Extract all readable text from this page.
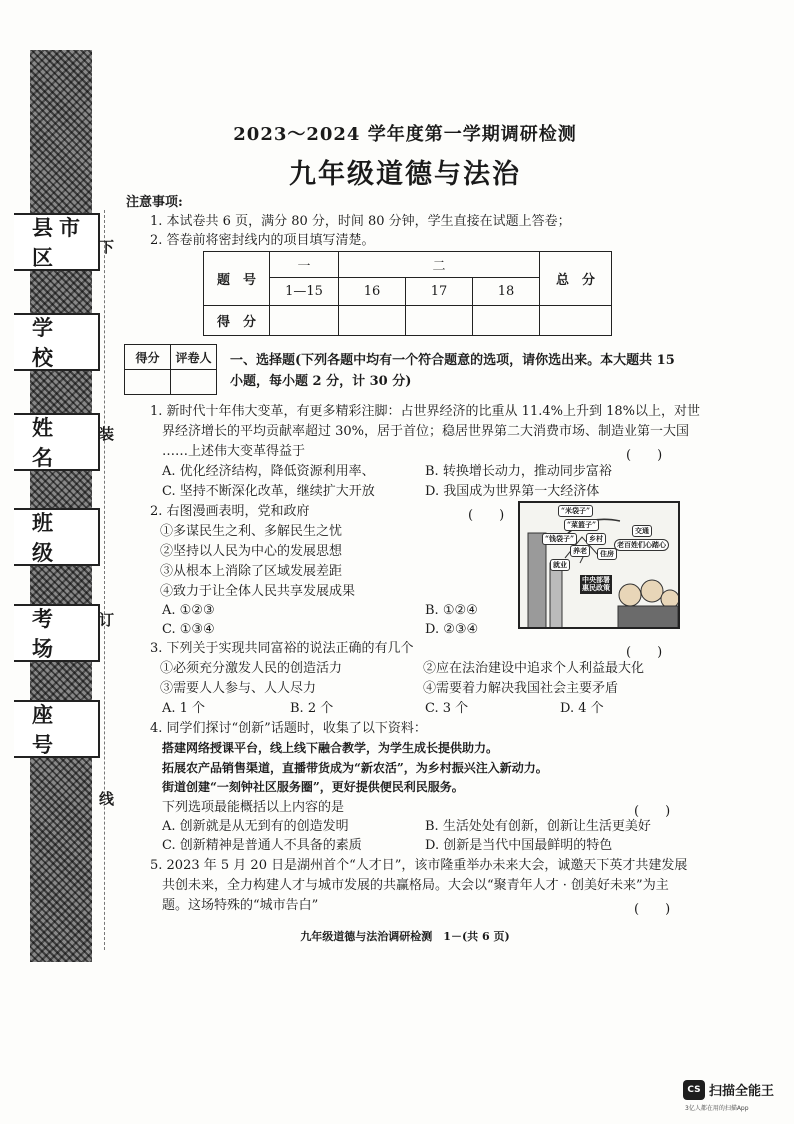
县市区
学 校
姓 名
班 级
考 场
座 号
下
装
订
线
2023～2024 学年度第一学期调研检测
九年级道德与法治
注意事项:
1. 本试卷共 6 页，满分 80 分，时间 80 分钟，学生直接在试题上答卷；
2. 答卷前将密封线内的项目填写清楚。
题　号	一	二			总　分
	1—15	16	17	18	
得　分					
得分	评卷人
	一、选择题(下列各题中均有一个符合题意的选项，请你选出来。本大题共 15
小题，每小题 2 分，计 30 分)
1. 新时代十年伟大变革，有更多精彩注脚：占世界经济的比重从 11.4%上升到 18%以上，对世
界经济增长的平均贡献率超过 30%，居于首位；稳居世界第二大消费市场、制造业第一大国
……上述伟大变革得益于	(　　)
A. 优化经济结构，降低资源利用率、	B. 转换增长动力，推动同步富裕
C. 坚持不断深化改革，继续扩大开放	D. 我国成为世界第一大经济体
2. 右图漫画表明，党和政府	(　　)
①多谋民生之利、多解民生之忧
②坚持以人民为中心的发展思想
③从根本上消除了区域发展差距
④致力于让全体人民共享发展成果
A. ①②③	B. ①②④
C. ①③④	D. ②③④
“米袋子”
“菜篮子”
交通
“钱袋子”	乡村
养老	住房
就业
老百姓们心踏心
中央部署
惠民政策
3. 下列关于实现共同富裕的说法正确的有几个	(　　)
①必须充分激发人民的创造活力	②应在法治建设中追求个人利益最大化
③需要人人参与、人人尽力	④需要着力解决我国社会主要矛盾
A. 1 个	B. 2 个	C. 3 个	D. 4 个
4. 同学们探讨“创新”话题时，收集了以下资料：
搭建网络授课平台，线上线下融合教学，为学生成长提供助力。
拓展农产品销售渠道，直播带货成为“新农活”，为乡村振兴注入新动力。
街道创建“一刻钟社区服务圈”，更好提供便民利民服务。
下列选项最能概括以上内容的是	(　　)
A. 创新就是从无到有的创造发明	B. 生活处处有创新，创新让生活更美好
C. 创新精神是普通人不具备的素质	D. 创新是当代中国最鲜明的特色
5. 2023 年 5 月 20 日是湖州首个“人才日”，该市隆重举办未来大会，诚邀天下英才共建发展
共创未来，全力构建人才与城市发展的共赢格局。大会以“聚青年人才 · 创美好未来”为主
题。这场特殊的“城市告白”	(　　)
九年级道德与法治调研检测　1－(共 6 页)
CS 扫描全能王
3亿人都在用的扫描App
